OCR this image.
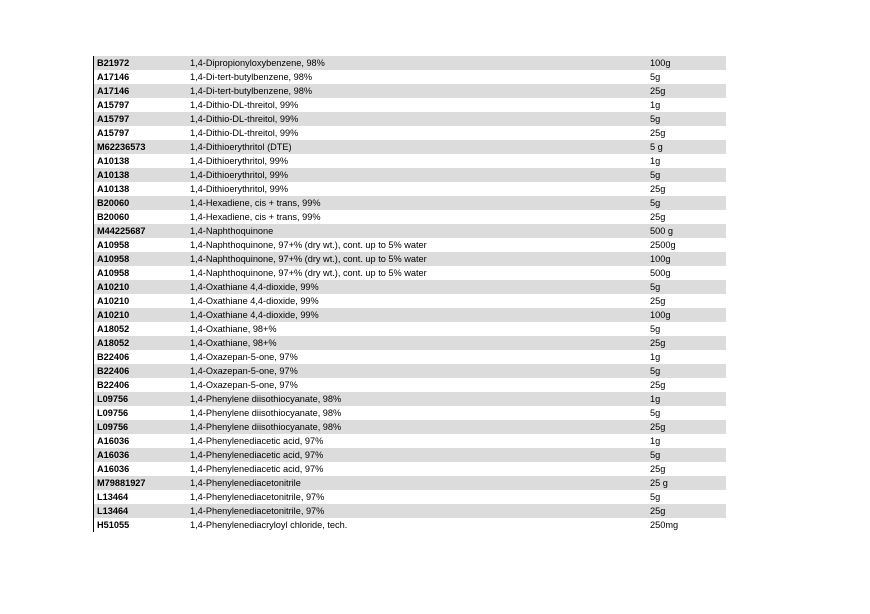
B21972	1,4-Dipropionyloxybenzene, 98%	100g
A17146	1,4-Di-tert-butylbenzene, 98%	5g
A17146	1,4-Di-tert-butylbenzene, 98%	25g
A15797	1,4-Dithio-DL-threitol, 99%	1g
A15797	1,4-Dithio-DL-threitol, 99%	5g
A15797	1,4-Dithio-DL-threitol, 99%	25g
M62236573	1,4-Dithioerythritol (DTE)	5 g
A10138	1,4-Dithioerythritol, 99%	1g
A10138	1,4-Dithioerythritol, 99%	5g
A10138	1,4-Dithioerythritol, 99%	25g
B20060	1,4-Hexadiene, cis + trans, 99%	5g
B20060	1,4-Hexadiene, cis + trans, 99%	25g
M44225687	1,4-Naphthoquinone	500 g
A10958	1,4-Naphthoquinone, 97+% (dry wt.), cont. up to 5% water	2500g
A10958	1,4-Naphthoquinone, 97+% (dry wt.), cont. up to 5% water	100g
A10958	1,4-Naphthoquinone, 97+% (dry wt.), cont. up to 5% water	500g
A10210	1,4-Oxathiane 4,4-dioxide, 99%	5g
A10210	1,4-Oxathiane 4,4-dioxide, 99%	25g
A10210	1,4-Oxathiane 4,4-dioxide, 99%	100g
A18052	1,4-Oxathiane, 98+%	5g
A18052	1,4-Oxathiane, 98+%	25g
B22406	1,4-Oxazepan-5-one, 97%	1g
B22406	1,4-Oxazepan-5-one, 97%	5g
B22406	1,4-Oxazepan-5-one, 97%	25g
L09756	1,4-Phenylene diisothiocyanate, 98%	1g
L09756	1,4-Phenylene diisothiocyanate, 98%	5g
L09756	1,4-Phenylene diisothiocyanate, 98%	25g
A16036	1,4-Phenylenediacetic acid, 97%	1g
A16036	1,4-Phenylenediacetic acid, 97%	5g
A16036	1,4-Phenylenediacetic acid, 97%	25g
M79881927	1,4-Phenylenediacetonitrile	25 g
L13464	1,4-Phenylenediacetonitrile, 97%	5g
L13464	1,4-Phenylenediacetonitrile, 97%	25g
H51055	1,4-Phenylenediacryloyl chloride, tech.	250mg
